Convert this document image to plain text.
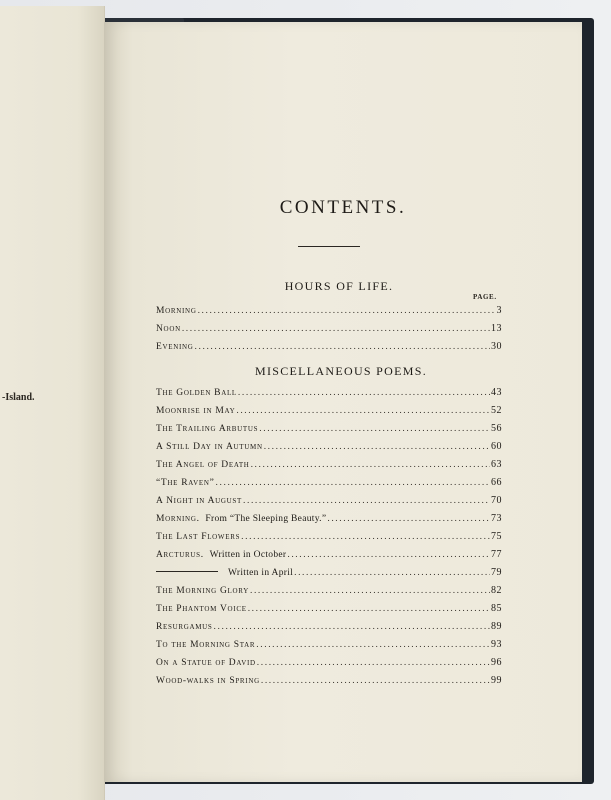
-Island.
CONTENTS.
HOURS OF LIFE.
PAGE.
Morning .....	3
Noon .....	13
Evening .....	30
MISCELLANEOUS POEMS.
The Golden Ball .....	43
Moonrise in May .....	52
The Trailing Arbutus .....	56
A Still Day in Autumn .....	60
The Angel of Death .....	63
“The Raven” .....	66
A Night in August .....	70
Morning.
From “The Sleeping Beauty.” .....	73
The Last Flowers .....	75
Arcturus.
Written in October .....	77
Written in April .....	79
The Morning Glory .....	82
The Phantom Voice .....	85
Resurgamus .....	89
To the Morning Star .....	93
On a Statue of David .....	96
Wood-walks in Spring .....	99
